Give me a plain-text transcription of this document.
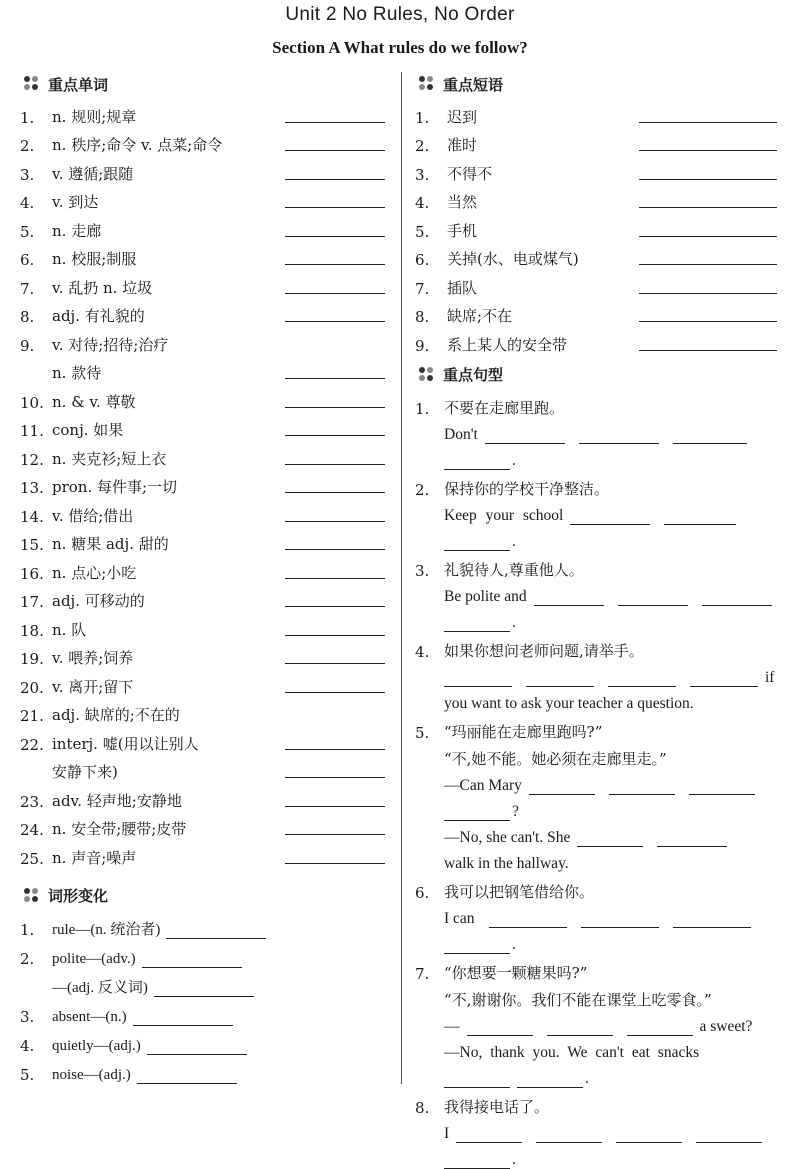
Unit 2 No Rules, No Order
Section A What rules do we follow?
重点单词
1.	n. 规则;规章
2.	n. 秩序;命令 v. 点菜;命令
3.	v. 遵循;跟随
4.	v. 到达
5.	n. 走廊
6.	n. 校服;制服
7.	v. 乱扔 n. 垃圾
8.	adj. 有礼貌的
9.	v. 对待;招待;治疗
n. 款待
10. n. & v. 尊敬
11. conj. 如果
12. n. 夹克衫;短上衣
13. pron. 每件事;一切
14. v. 借给;借出
15. n. 糖果 adj. 甜的
16. n. 点心;小吃
17. adj. 可移动的
18. n. 队
19. v. 喂养;饲养
20. v. 离开;留下
21. adj. 缺席的;不在的
22. interj. 嘘(用以让别人
安静下来)
23. adv. 轻声地;安静地
24. n. 安全带;腰带;皮带
25. n. 声音;噪声
词形变化
1.	rule—(n. 统治者)
2.	polite—(adv.)
—(adj. 反义词)
3.	absent—(n.)
4.	quietly—(adj.)
5.	noise—(adj.)
重点短语
1.	迟到
2.	准时
3.	不得不
4.	当然
5.	手机
6.	关掉(水、电或煤气)
7.	插队
8.	缺席;不在
9.	系上某人的安全带
重点句型
1. 不要在走廊里跑。
Don't
.
2. 保持你的学校干净整洁。
Keep your school
.
3. 礼貌待人,尊重他人。
Be polite and
.
4. 如果你想问老师问题,请举手。
if
you want to ask your teacher a question.
5. “玛丽能在走廊里跑吗?”
“不,她不能。她必须在走廊里走。”
—Can Mary
?
—No, she can't. She
walk in the hallway.
6. 我可以把钢笔借给你。
I can
.
7. “你想要一颗糖果吗?”
“不,谢谢你。我们不能在课堂上吃零食。”
—	a sweet?
—No, thank you. We can't eat snacks
.
8. 我得接电话了。
I
.
